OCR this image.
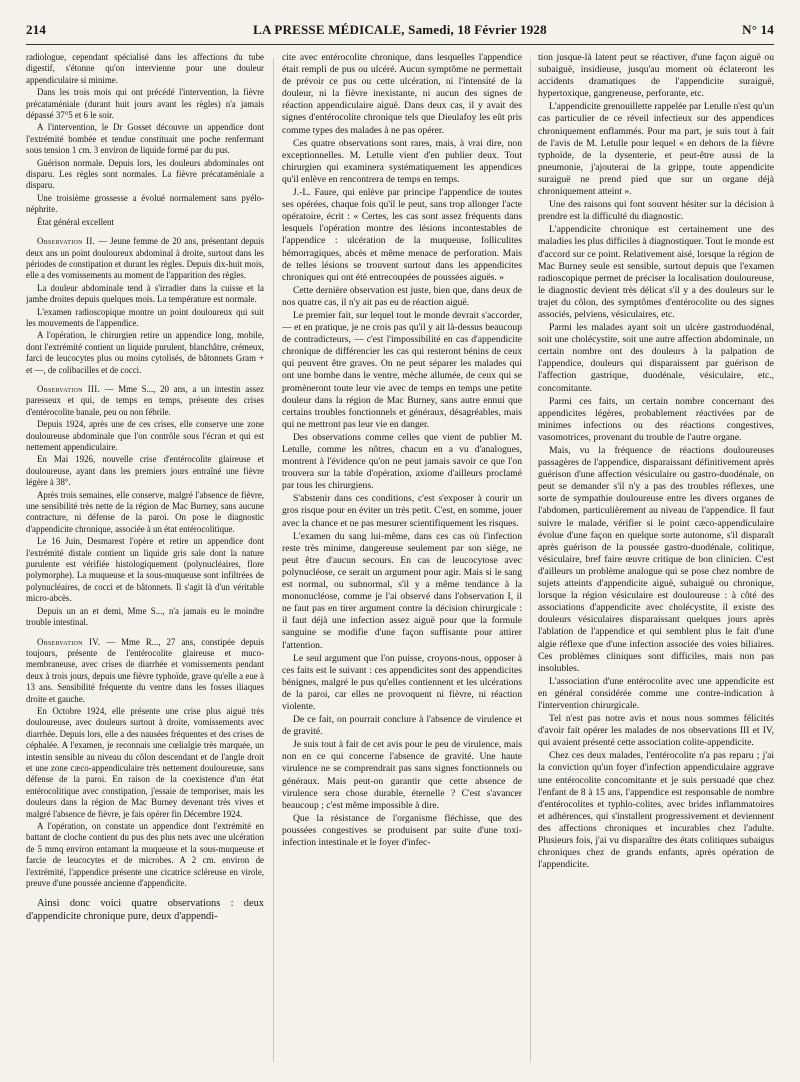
214	LA PRESSE MÉDICALE, Samedi, 18 Février 1928	N° 14

radiologue, cependant spécialisé dans les affections du tube digestif, s'étonne qu'on intervienne pour une douleur appendiculaire si minime.

Dans les trois mois qui ont précédé l'intervention, la fièvre précataméniale (durant huit jours avant les règles) n'a jamais dépassé 37°5 et 6 le soir.

A l'intervention, le Dr Gosset découvre un appendice dont l'extrémité bombée et tendue constituait une poche renfermant sous tension 1 cm. 3 environ de liquide formé par du pus.

Guérison normale. Depuis lors, les douleurs abdominales ont disparu. Les règles sont normales. La fièvre précataméniale a disparu.

Une troisième grossesse a évolué normalement sans pyélo-néphrite.

État général excellent

Observation II. — Jeune femme de 20 ans, présentant depuis deux ans un point douloureux abdominal à droite, surtout dans les périodes de constipation et durant les règles. Depuis dix-huit mois, elle a des vomissements au moment de l'apparition des règles.

La douleur abdominale tend à s'irradier dans la cuisse et la jambe droites depuis quelques mois. La température est normale.

L'examen radioscopique montre un point douloureux qui suit les mouvements de l'appendice.

A l'opération, le chirurgien retire un appendice long, mobile, dont l'extrémité contient un liquide purulent, blanchâtre, crémeux, farci de leucocytes plus ou moins cytolisés, de bâtonnets Gram + et —, de colibacilles et de cocci.

Observation III. — Mme S..., 20 ans, a un intestin assez paresseux et qui, de temps en temps, présente des crises d'entérocolite banale, peu ou non fébrile.

Depuis 1924, après une de ces crises, elle conserve une zone douloureuse abdominale que l'on contrôle sous l'écran et qui est nettement appendiculaire.

En Mai 1926, nouvelle crise d'entérocolite glaireuse et douloureuse, ayant dans les premiers jours entraîné une fièvre légère à 38°.

Après trois semaines, elle conserve, malgré l'absence de fièvre, une sensibilité très nette de la région de Mac Burney, sans aucune contracture, ni défense de la paroi. On pose le diagnostic d'appendicite chronique, associée à un état entérocolitique.

Le 16 Juin, Desmarest l'opère et retire un appendice dont l'extrémité distale contient un liquide gris sale dont la nature purulente est vérifiée histologiquement (polynucléaires, flore polymorphe). La muqueuse et la sous-muqueuse sont infiltrées de polynucléaires, de cocci et de bâtonnets. Il s'agit là d'un véritable micro-abcès.

Depuis un an et demi, Mme S..., n'a jamais eu le moindre trouble intestinal.

Observation IV. — Mme R..., 27 ans, constipée depuis toujours, présente de l'entérocolite glaireuse et muco-membraneuse, avec crises de diarrhée et vomissements pendant deux à trois jours, depuis une fièvre typhoïde, grave qu'elle a eue à 13 ans. Sensibilité fréquente du ventre dans les fosses iliaques droite et gauche.

En Octobre 1924, elle présente une crise plus aiguë très douloureuse, avec douleurs surtout à droite, vomissements avec diarrhée. Depuis lors, elle a des nausées fréquentes et des crises de céphalée. A l'examen, je reconnais une cœlialgie très marquée, un intestin sensible au niveau du côlon descendant et de l'angle droit et une zone cæco-appendiculaire très nettement douloureuse, sans défense de la paroi. En raison de la coexistence d'un état entérocolitique avec constipation, j'essaie de temporiser, mais les douleurs dans la région de Mac Burney devenant très vives et malgré l'absence de fièvre, je fais opérer fin Décembre 1924.

A l'opération, on constate un appendice dont l'extrémité en battant de cloche contient du pus des plus nets avec une ulcération de 5 mmq environ entamant la muqueuse et la sous-muqueuse et farcie de leucocytes et de microbes. A 2 cm. environ de l'extrémité, l'appendice présente une cicatrice scléreuse en virole, preuve d'une poussée ancienne d'appendicite.

Ainsi donc voici quatre observations : deux d'appendicite chronique pure, deux d'appendi-

cite avec entérocolite chronique, dans lesquelles l'appendice était rempli de pus ou ulcéré. Aucun symptôme ne permettait de prévoir ce pus ou cette ulcération, ni l'intensité de la douleur, ni la fièvre inexistante, ni aucun des signes de réaction appendiculaire aiguë. Dans deux cas, il y avait des signes d'entérocolite chronique tels que Dieulafoy les eût pris comme types des malades à ne pas opérer.

Ces quatre observations sont rares, mais, à vrai dire, non exceptionnelles. M. Letulle vient d'en publier deux. Tout chirurgien qui examinera systématiquement les appendices qu'il enlève en rencontrera de temps en temps.

J.-L. Faure, qui enlève par principe l'appendice de toutes ses opérées, chaque fois qu'il le peut, sans trop allonger l'acte opératoire, écrit : « Certes, les cas sont assez fréquents dans lesquels l'opération montre des lésions incontestables de l'appendice : ulcération de la muqueuse, folliculites hémorragiques, abcès et même menace de perforation. Mais de telles lésions se trouvent surtout dans les appendicites chroniques qui ont été entrecoupées de poussées aiguës. »

Cette dernière observation est juste, bien que, dans deux de nos quatre cas, il n'y ait pas eu de réaction aiguë.

Le premier fait, sur lequel tout le monde devrait s'accorder, — et en pratique, je ne crois pas qu'il y ait là-dessus beaucoup de contradicteurs, — c'est l'impossibilité en cas d'appendicite chronique de différencier les cas qui resteront bénins de ceux qui peuvent être graves. On ne peut séparer les malades qui ont une bombe dans le ventre, mèche allumée, de ceux qui se promèneront toute leur vie avec de temps en temps une petite douleur dans la région de Mac Burney, sans autre ennui que certains troubles fonctionnels et généraux, désagréables, mais qui ne mettront pas leur vie en danger.

Des observations comme celles que vient de publier M. Letulle, comme les nôtres, chacun en a vu d'analogues, montrent à l'évidence qu'on ne peut jamais savoir ce que l'on trouvera sur la table d'opération, axiome d'ailleurs proclamé par tous les chirurgiens.

S'abstenir dans ces conditions, c'est s'exposer à courir un gros risque pour en éviter un très petit. C'est, en somme, jouer avec la chance et ne pas mesurer scientifiquement les risques.

L'examen du sang lui-même, dans ces cas où l'infection reste très minime, dangereuse seulement par son siège, ne peut être d'aucun secours. En cas de leucocytose avec polynucléose, ce serait un argument pour agir. Mais si le sang est normal, ou subnormal, s'il y a même tendance à la mononucléose, comme je l'ai observé dans l'observation I, il ne faut pas en tirer argument contre la décision chirurgicale : il faut déjà une infection assez aiguë pour que la formule sanguine se modifie d'une façon suffisante pour attirer l'attention.

Le seul argument que l'on puisse, croyons-nous, opposer à ces faits est le suivant : ces appendicites sont des appendicites bénignes, malgré le pus qu'elles contiennent et les ulcérations de la paroi, car elles ne provoquent ni fièvre, ni réaction violente.

De ce fait, on pourrait conclure à l'absence de virulence et de gravité.

Je suis tout à fait de cet avis pour le peu de virulence, mais non en ce qui concerne l'absence de gravité. Une haute virulence ne se comprendrait pas sans signes fonctionnels ou généraux. Mais peut-on garantir que cette absence de virulence sera chose durable, éternelle ? C'est s'avancer beaucoup ; c'est même impossible à dire.

Que la résistance de l'organisme fléchisse, que des poussées congestives se produisent par suite d'une toxi-infection intestinale et le foyer d'infec-

tion jusque-là latent peut se réactiver, d'une façon aiguë ou subaiguë, insidieuse, jusqu'au moment où éclateront les accidents dramatiques de l'appendicite suraiguë, hypertoxique, gangreneuse, perforante, etc.

L'appendicite grenouillette rappelée par Letulle n'est qu'un cas particulier de ce réveil infectieux sur des appendices chroniquement enflammés. Pour ma part, je suis tout à fait de l'avis de M. Letulle pour lequel « en dehors de la fièvre typhoïde, de la dysenterie, et peut-être aussi de la pneumonie, j'ajouterai de la grippe, toute appendicite suraiguë ne prend pied que sur un organe déjà chroniquement atteint ».

Une des raisons qui font souvent hésiter sur la décision à prendre est la difficulté du diagnostic.

L'appendicite chronique est certainement une des maladies les plus difficiles à diagnostiquer. Tout le monde est d'accord sur ce point. Relativement aisé, lorsque la région de Mac Burney seule est sensible, surtout depuis que l'examen radioscopique permet de préciser la localisation douloureuse, le diagnostic devient très délicat s'il y a des douleurs sur le trajet du côlon, des symptômes d'entérocolite ou des signes associés, pelviens, vésiculaires, etc.

Parmi les malades ayant soit un ulcère gastroduodénal, soit une cholécystite, soit une autre affection abdominale, un certain nombre ont des douleurs à la palpation de l'appendice, douleurs qui disparaissent par guérison de l'affection gastrique, duodénale, vésiculaire, etc., concomitante.

Parmi ces faits, un certain nombre concernant des appendicites légères, probablement réactivées par de minimes infections ou des réactions congestives, vasomotrices, provenant du trouble de l'autre organe.

Mais, vu la fréquence de réactions douloureuses passagères de l'appendice, disparaissant définitivement après guérison d'une affection vésiculaire ou gastro-duodénale, on peut se demander s'il n'y a pas des troubles réflexes, une sorte de sympathie douloureuse entre les divers organes de l'abdomen, particulièrement au niveau de l'appendice. Il faut suivre le malade, vérifier si le point cæco-appendiculaire évolue d'une façon en quelque sorte autonome, s'il disparaît après guérison de la poussée gastro-duodénale, colitique, vésiculaire, bref faire œuvre critique de bon clinicien. C'est d'ailleurs un problème analogue qui se pose chez nombre de sujets atteints d'appendicite aiguë, subaiguë ou chronique, lorsque la région vésiculaire est douloureuse : à côté des associations d'appendicite avec cholécystite, il existe des douleurs vésiculaires disparaissant quelques jours après l'ablation de l'appendice et qui semblent plus le fait d'une algie réflexe que d'une infection associée des voies biliaires. Ces problèmes cliniques sont difficiles, mais non pas insolubles.

L'association d'une entérocolite avec une appendicite est en général considérée comme une contre-indication à l'intervention chirurgicale.

Tel n'est pas notre avis et nous nous sommes félicités d'avoir fait opérer les malades de nos observations III et IV, qui avaient présenté cette association colite-appendicite.

Chez ces deux malades, l'entérocolite n'a pas reparu ; j'ai la conviction qu'un foyer d'infection appendiculaire aggrave une entérocolite concomitante et je suis persuadé que chez l'enfant de 8 à 15 ans, l'appendice est responsable de nombre d'entérocolites et typhlo-colites, avec brides inflammatoires et adhérences, qui s'installent progressivement et deviennent des affections chroniques et incurables chez l'adulte. Plusieurs fois, j'ai vu disparaître des états colitiques subaigus chroniques chez de grands enfants, après opération de l'appendicite.
